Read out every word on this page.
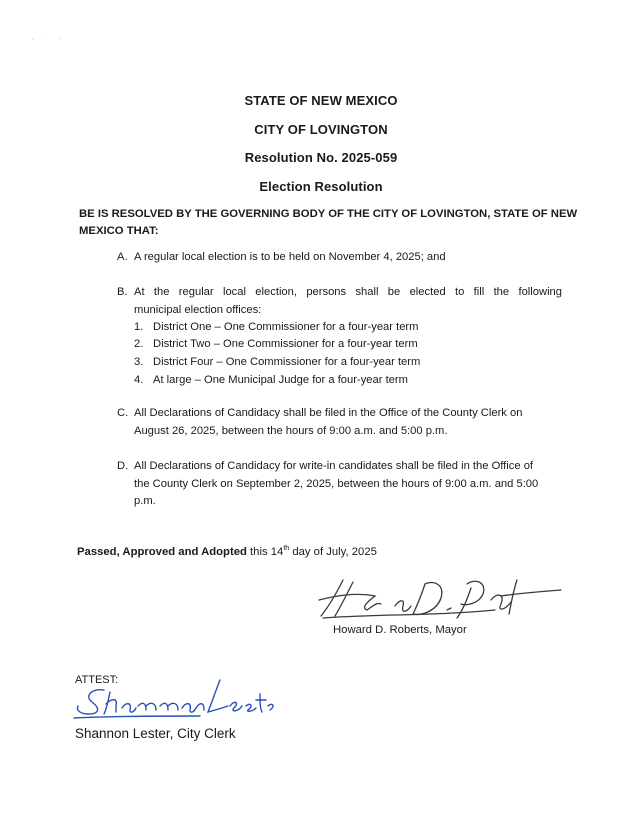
STATE OF NEW MEXICO
CITY OF LOVINGTON
Resolution No. 2025-059
Election Resolution
BE IS RESOLVED BY THE GOVERNING BODY OF THE CITY OF LOVINGTON, STATE OF NEW
MEXICO THAT:
A. A regular local election is to be held on November 4, 2025; and
B. At the regular local election, persons shall be elected to fill the following
municipal election offices:
1. District One – One Commissioner for a four-year term
2. District Two – One Commissioner for a four-year term
3. District Four – One Commissioner for a four-year term
4. At large – One Municipal Judge for a four-year term
C. All Declarations of Candidacy shall be filed in the Office of the County Clerk on
August 26, 2025, between the hours of 9:00 a.m. and 5:00 p.m.
D. All Declarations of Candidacy for write-in candidates shall be filed in the Office of
the County Clerk on September 2, 2025, between the hours of 9:00 a.m. and 5:00
p.m.
Passed, Approved and Adopted this 14th day of July, 2025
Howard D. Roberts, Mayor
ATTEST:
Shannon Lester, City Clerk
